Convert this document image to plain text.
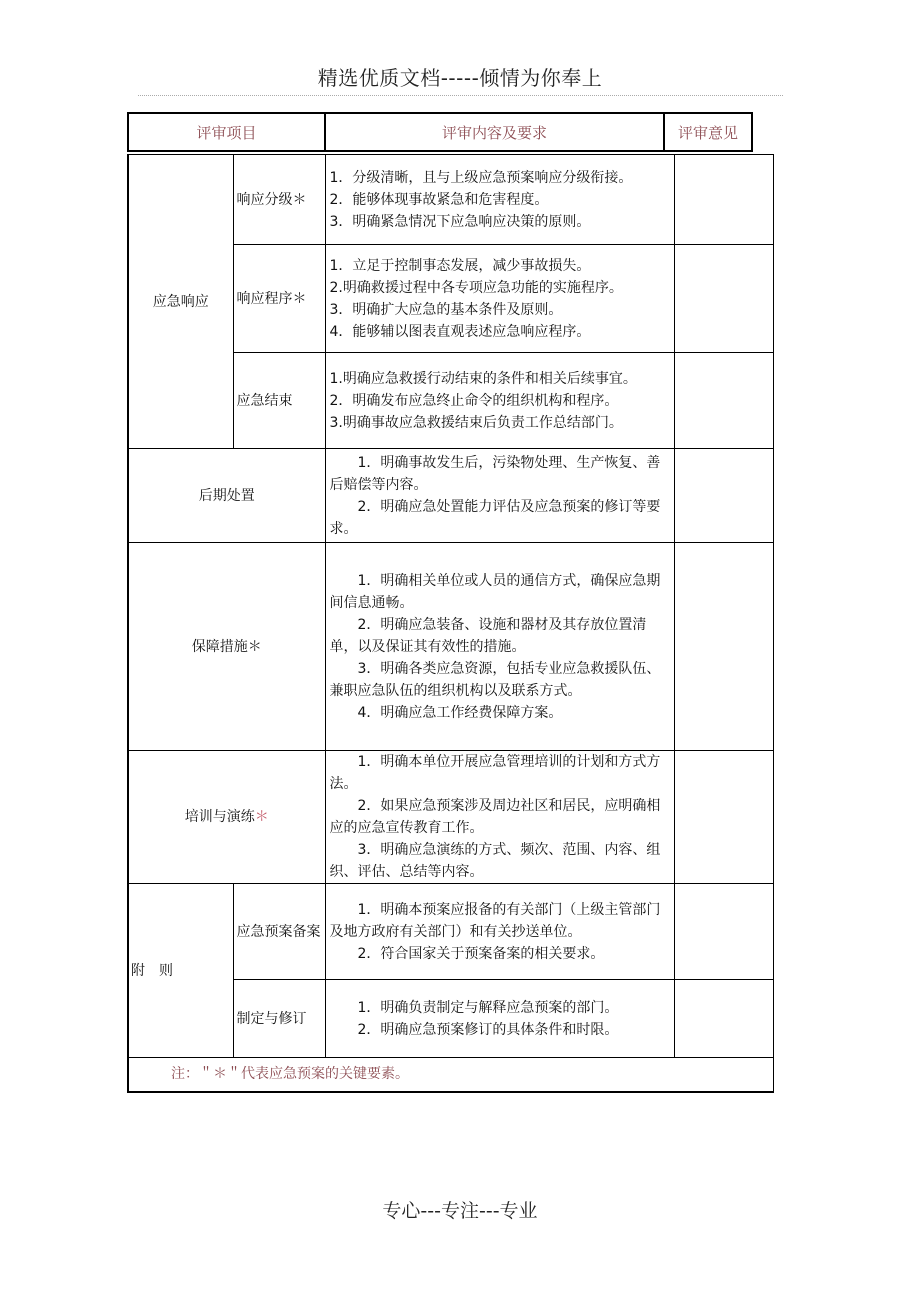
精选优质文档-----倾情为你奉上
评审项目	评审内容及要求	评审意见
应急响应	响应分级＊	1．分级清晰，且与上级应急预案响应分级衔接。
2．能够体现事故紧急和危害程度。
3．明确紧急情况下应急响应决策的原则。	

	响应程序＊	1．立足于控制事态发展，减少事故损失。
2.明确救援过程中各专项应急功能的实施程序。
3．明确扩大应急的基本条件及原则。
4．能够辅以图表直观表述应急响应程序。	

	应急结束	1.明确应急救援行动结束的条件和相关后续事宜。
2．明确发布应急终止命令的组织机构和程序。
3.明确事故应急救援结束后负责工作总结部门。	

后期处置		1．明确事故发生后，污染物处理、生产恢复、善后赔偿等内容。
2．明确应急处置能力评估及应急预案的修订等要求。	

保障措施＊		1．明确相关单位或人员的通信方式，确保应急期间信息通畅。
2．明确应急装备、设施和器材及其存放位置清单，以及保证其有效性的措施。
3．明确各类应急资源，包括专业应急救援队伍、兼职应急队伍的组织机构以及联系方式。
4．明确应急工作经费保障方案。	

培训与演练＊		1．明确本单位开展应急管理培训的计划和方式方法。
2．如果应急预案涉及周边社区和居民，应明确相应的应急宣传教育工作。
3．明确应急演练的方式、频次、范围、内容、组织、评估、总结等内容。	

附　则	应急预案备案	1．明确本预案应报备的有关部门（上级主管部门及地方政府有关部门）和有关抄送单位。
2．符合国家关于预案备案的相关要求。	

	制定与修订	1．明确负责制定与解释应急预案的部门。
2．明确应急预案修订的具体条件和时限。	

注：＂＊＂代表应急预案的关键要素。			
专心---专注---专业
